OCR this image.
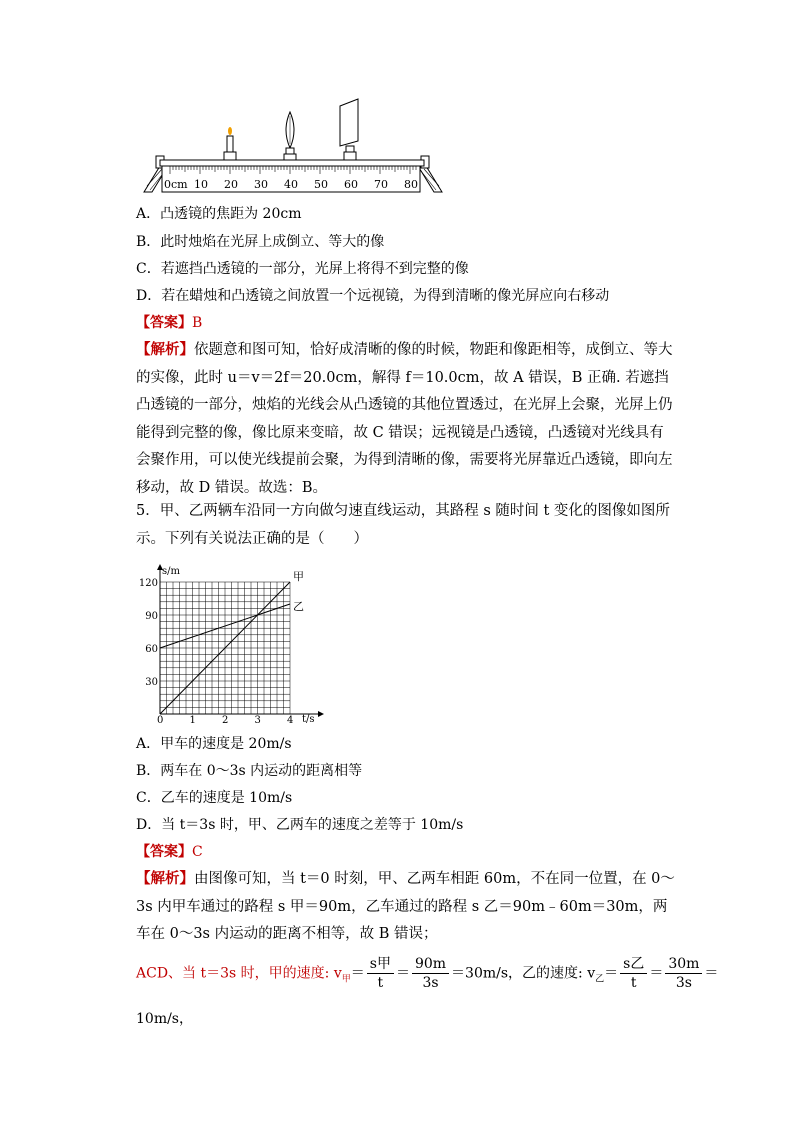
0cm 10 20 30 40 50 60 70 80
A．凸透镜的焦距为 20cm
B．此时烛焰在光屏上成倒立、等大的像
C．若遮挡凸透镜的一部分，光屏上将得不到完整的像
D．若在蜡烛和凸透镜之间放置一个远视镜，为得到清晰的像光屏应向右移动
【答案】B
【解析】依题意和图可知，恰好成清晰的像的时候，物距和像距相等，成倒立、等大的实像，此时 u＝v＝2f＝20.0cm，解得 f＝10.0cm，故 A 错误，B 正确. 若遮挡凸透镜的一部分，烛焰的光线会从凸透镜的其他位置透过，在光屏上会聚，光屏上仍能得到完整的像，像比原来变暗，故 C 错误；远视镜是凸透镜，凸透镜对光线具有会聚作用，可以使光线提前会聚，为得到清晰的像，需要将光屏靠近凸透镜，即向左移动，故 D 错误。故选：B。
5．甲、乙两辆车沿同一方向做匀速直线运动，其路程 s 随时间 t 变化的图像如图所示。下列有关说法正确的是（　　）
s/m
t/s
0	1	2	3	4
30
60
90
120
甲
乙
A．甲车的速度是 20m/s
B．两车在 0～3s 内运动的距离相等
C．乙车的速度是 10m/s
D．当 t＝3s 时，甲、乙两车的速度之差等于 10m/s
【答案】C
【解析】由图像可知，当 t＝0 时刻，甲、乙两车相距 60m，不在同一位置，在 0～3s 内甲车通过的路程 s 甲＝90m，乙车通过的路程 s 乙＝90m﹣60m＝30m，两车在 0～3s 内运动的距离不相等，故 B 错误；
ACD、当 t＝3s 时，甲的速度: $v_甲= \frac{\text{s甲}}{t} = \frac{90m}{3s} =30m/s$，乙的速度: $v_乙= \frac{\text{s乙}}{t} = \frac{30m}{3s}$ ＝
10m/s，
